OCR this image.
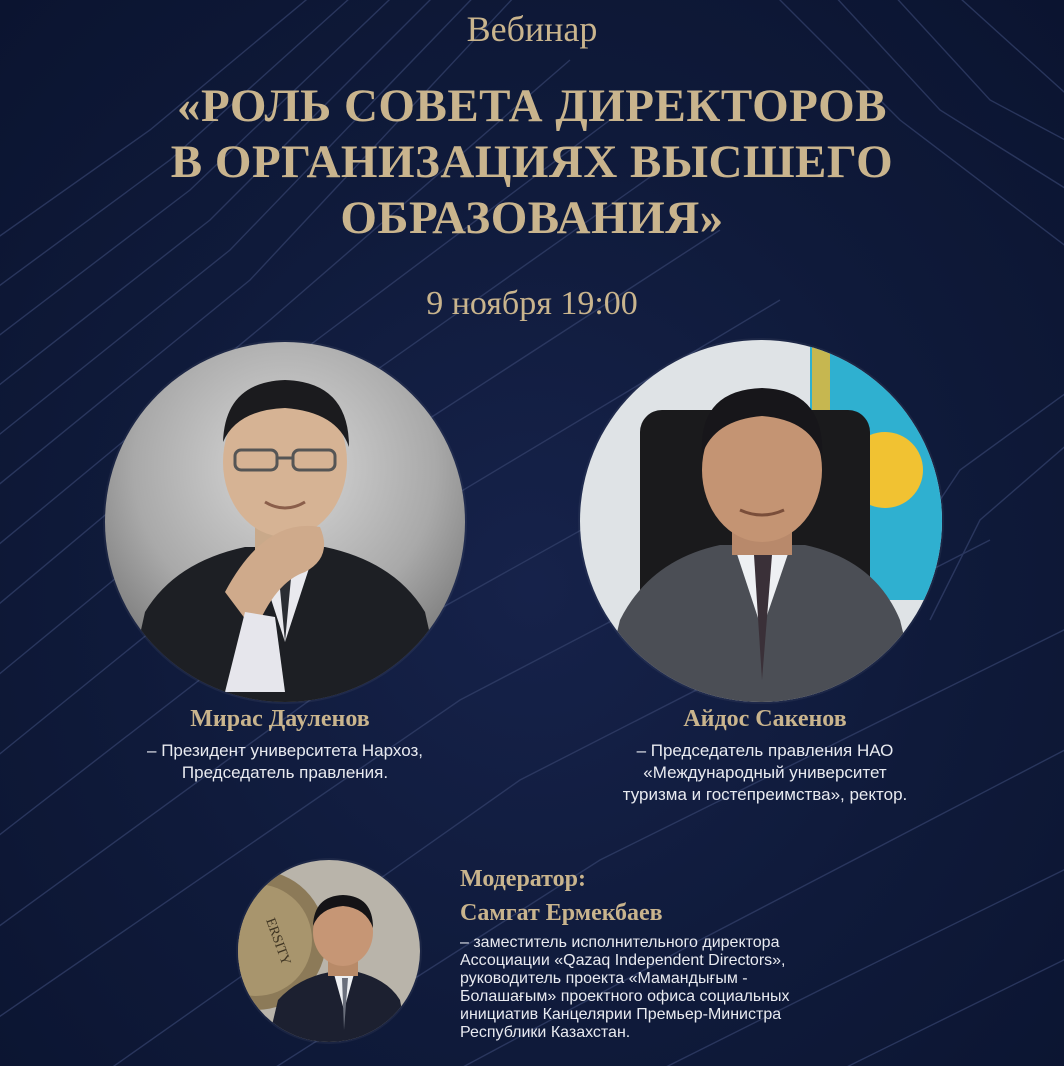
Вебинар
«РОЛЬ СОВЕТА ДИРЕКТОРОВ
В ОРГАНИЗАЦИЯХ ВЫСШЕГО
ОБРАЗОВАНИЯ»
9 ноября 19:00
Мирас Дауленов
– Президент университета Нархоз,
Председатель правления.
Айдос Сакенов
– Председатель правления НАО
«Международный университет
туризма и гостепреимства», ректор.
ERSITY
Модератор:
Самгат Ермекбаев
– заместитель исполнительного директора
Ассоциации «Qazaq Independent Directors»,
руководитель проекта «Мамандығым -
Болашағым» проектного офиса социальных
инициатив Канцелярии Премьер-Министра
Республики Казахстан.
